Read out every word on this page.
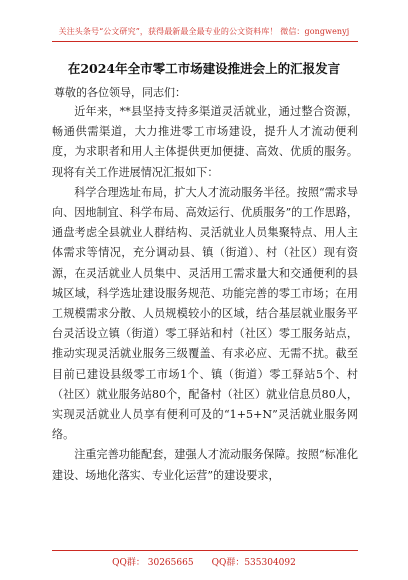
关注头条号“公文研究”，获得最新最全最专业的公文资料库！ 微信：gongwenyj
在2024年全市零工市场建设推进会上的汇报发言
尊敬的各位领导，同志们：

近年来，**县坚持支持多渠道灵活就业，通过整合资源，畅通供需渠道，大力推进零工市场建设，提升人才流动便利度，为求职者和用人主体提供更加便捷、高效、优质的服务。现将有关工作进展情况汇报如下：

科学合理选址布局，扩大人才流动服务半径。按照“需求导向、因地制宜、科学布局、高效运行、优质服务”的工作思路，通盘考虑全县就业人群结构、灵活就业人员集聚特点、用人主体需求等情况，充分调动县、镇（街道）、村（社区）现有资源，在灵活就业人员集中、灵活用工需求量大和交通便利的县城区域，科学选址建设服务规范、功能完善的零工市场；在用工规模需求分散、人员规模较小的区域，结合基层就业服务平台灵活设立镇（街道）零工驿站和村（社区）零工服务站点，推动实现灵活就业服务三级覆盖、有求必应、无需不扰。截至目前已建设县级零工市场1个、镇（街道）零工驿站5个、村（社区）就业服务站80个，配备村（社区）就业信息员80人，实现灵活就业人员享有便利可及的“1+5+N”灵活就业服务网络。

注重完善功能配套，建强人才流动服务保障。按照“标准化建设、场地化落实、专业化运营”的建设要求，

QQ群： 30265665 QQ群：535304092
